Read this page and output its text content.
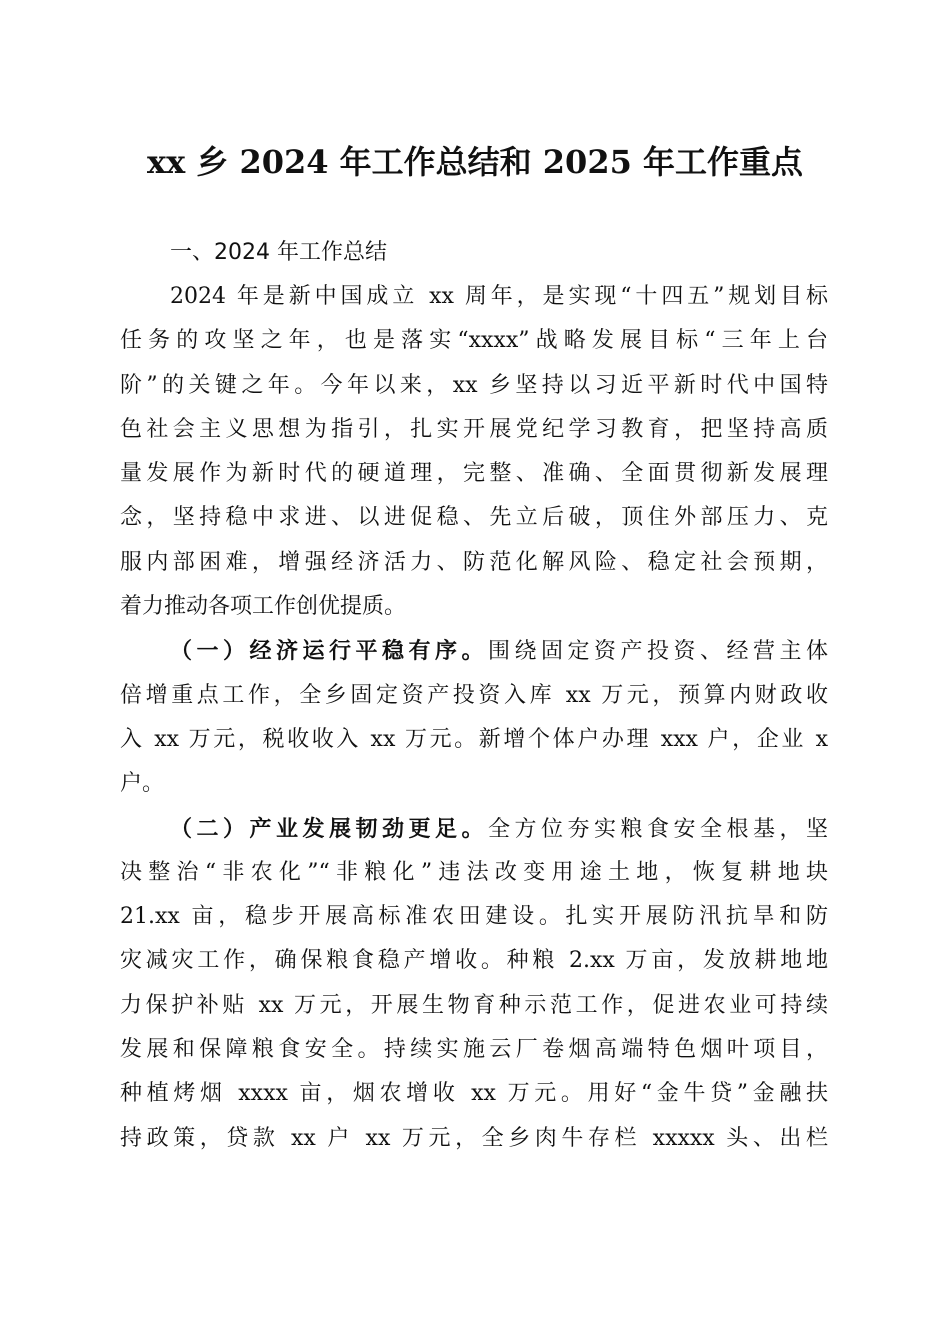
xx 乡 2024 年工作总结和 2025 年工作重点
一、2024 年工作总结
2024 年是新中国成立 xx 周年，是实现“十四五”规划目标
任务的攻坚之年，也是落实“xxxx”战略发展目标“三年上台
阶”的关键之年。今年以来，xx 乡坚持以习近平新时代中国特
色社会主义思想为指引，扎实开展党纪学习教育，把坚持高质
量发展作为新时代的硬道理，完整、准确、全面贯彻新发展理
念，坚持稳中求进、以进促稳、先立后破，顶住外部压力、克
服内部困难，增强经济活力、防范化解风险、稳定社会预期，
着力推动各项工作创优提质。
（一）经济运行平稳有序。围绕固定资产投资、经营主体
倍增重点工作，全乡固定资产投资入库 xx 万元，预算内财政收
入 xx 万元，税收收入 xx 万元。新增个体户办理 xxx 户，企业 x
户。
（二）产业发展韧劲更足。全方位夯实粮食安全根基，坚
决整治“非农化”“非粮化”违法改变用途土地，恢复耕地块
21.xx 亩，稳步开展高标准农田建设。扎实开展防汛抗旱和防
灾减灾工作，确保粮食稳产增收。种粮 2.xx 万亩，发放耕地地
力保护补贴 xx 万元，开展生物育种示范工作，促进农业可持续
发展和保障粮食安全。持续实施云厂卷烟高端特色烟叶项目，
种植烤烟 xxxx 亩，烟农增收 xx 万元。用好“金牛贷”金融扶
持政策，贷款 xx 户 xx 万元，全乡肉牛存栏 xxxxx 头、出栏
